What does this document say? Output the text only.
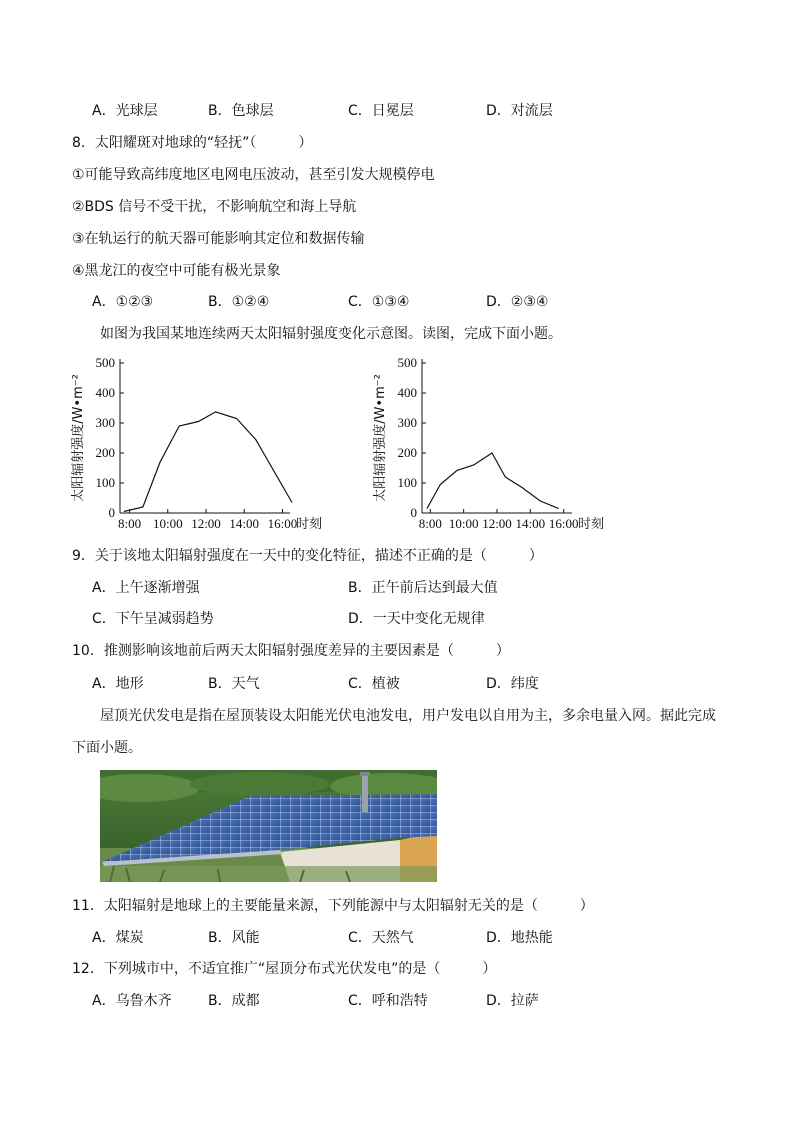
A．光球层	B．色球层	C．日冕层	D．对流层
8．太阳耀斑对地球的“轻抚”（　　　）
①可能导致高纬度地区电网电压波动，甚至引发大规模停电
②BDS 信号不受干扰，不影响航空和海上导航
③在轨运行的航天器可能影响其定位和数据传输
④黑龙江的夜空中可能有极光景象
A．①②③	B．①②④	C．①③④	D．②③④
如图为我国某地连续两天太阳辐射强度变化示意图。读图，完成下面小题。
0
100
200
300
400
500
8:00 10:00 12:00 14:00 16:00
时刻
太阳辐射强度/W•m⁻²
0
100
200
300
400
500
8:00 10:00 12:00 14:00 16:00 时刻
太阳辐射强度/W•m⁻²
9．关于该地太阳辐射强度在一天中的变化特征，描述不正确的是（　　　）
A．上午逐渐增强	B．正午前后达到最大值
C．下午呈减弱趋势	D．一天中变化无规律
10．推测影响该地前后两天太阳辐射强度差异的主要因素是（　　　）
A．地形	B．天气	C．植被	D．纬度
屋顶光伏发电是指在屋顶装设太阳能光伏电池发电，用户发电以自用为主，多余电量入网。据此完成
下面小题。
11．太阳辐射是地球上的主要能量来源，下列能源中与太阳辐射无关的是（　　　）
A．煤炭	B．风能	C．天然气	D．地热能
12．下列城市中，不适宜推广“屋顶分布式光伏发电”的是（　　　）
A．乌鲁木齐	B．成都	C．呼和浩特	D．拉萨
